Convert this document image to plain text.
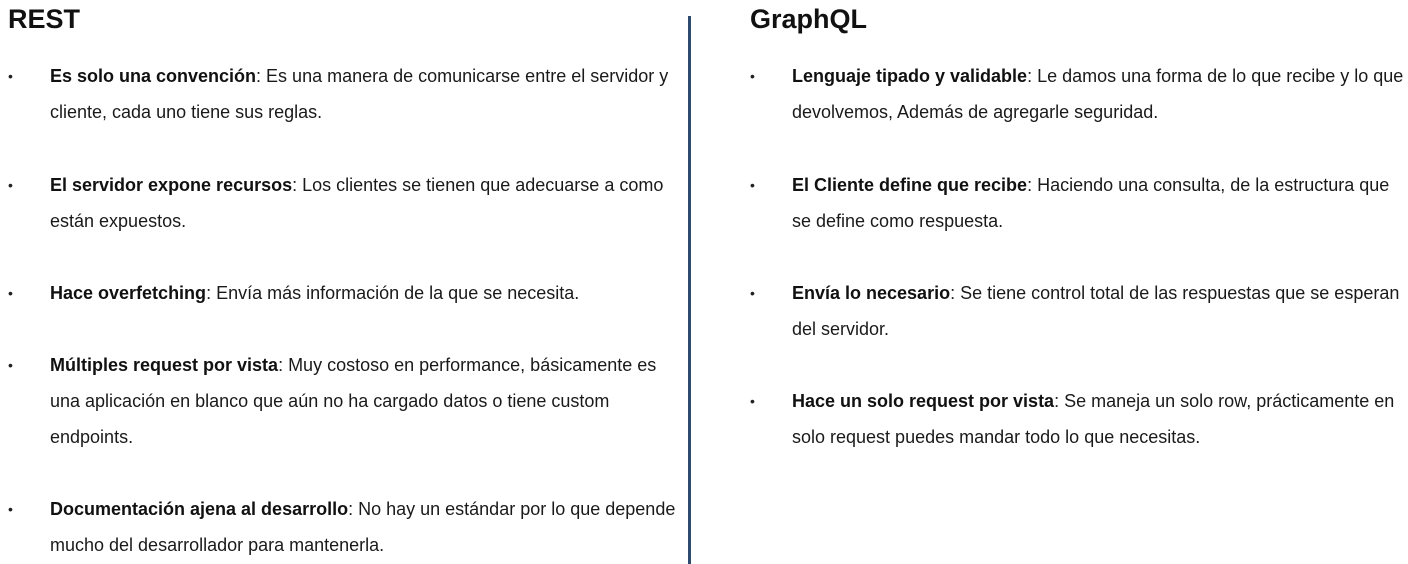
REST
• Es solo una convención: Es una manera de comunicarse entre el servidor y cliente, cada uno tiene sus reglas.
• El servidor expone recursos: Los clientes se tienen que adecuarse a como están expuestos.
• Hace overfetching: Envía más información de la que se necesita.
• Múltiples request por vista: Muy costoso en performance, básicamente es una aplicación en blanco que aún no ha cargado datos o tiene custom endpoints.
• Documentación ajena al desarrollo: No hay un estándar por lo que depende mucho del desarrollador para mantenerla.
GraphQL
• Lenguaje tipado y validable: Le damos una forma de lo que recibe y lo que devolvemos, Además de agregarle seguridad.
• El Cliente define que recibe: Haciendo una consulta, de la estructura que se define como respuesta.
• Envía lo necesario: Se tiene control total de las respuestas que se esperan del servidor.
• Hace un solo request por vista: Se maneja un solo row, prácticamente en solo request puedes mandar todo lo que necesitas.
